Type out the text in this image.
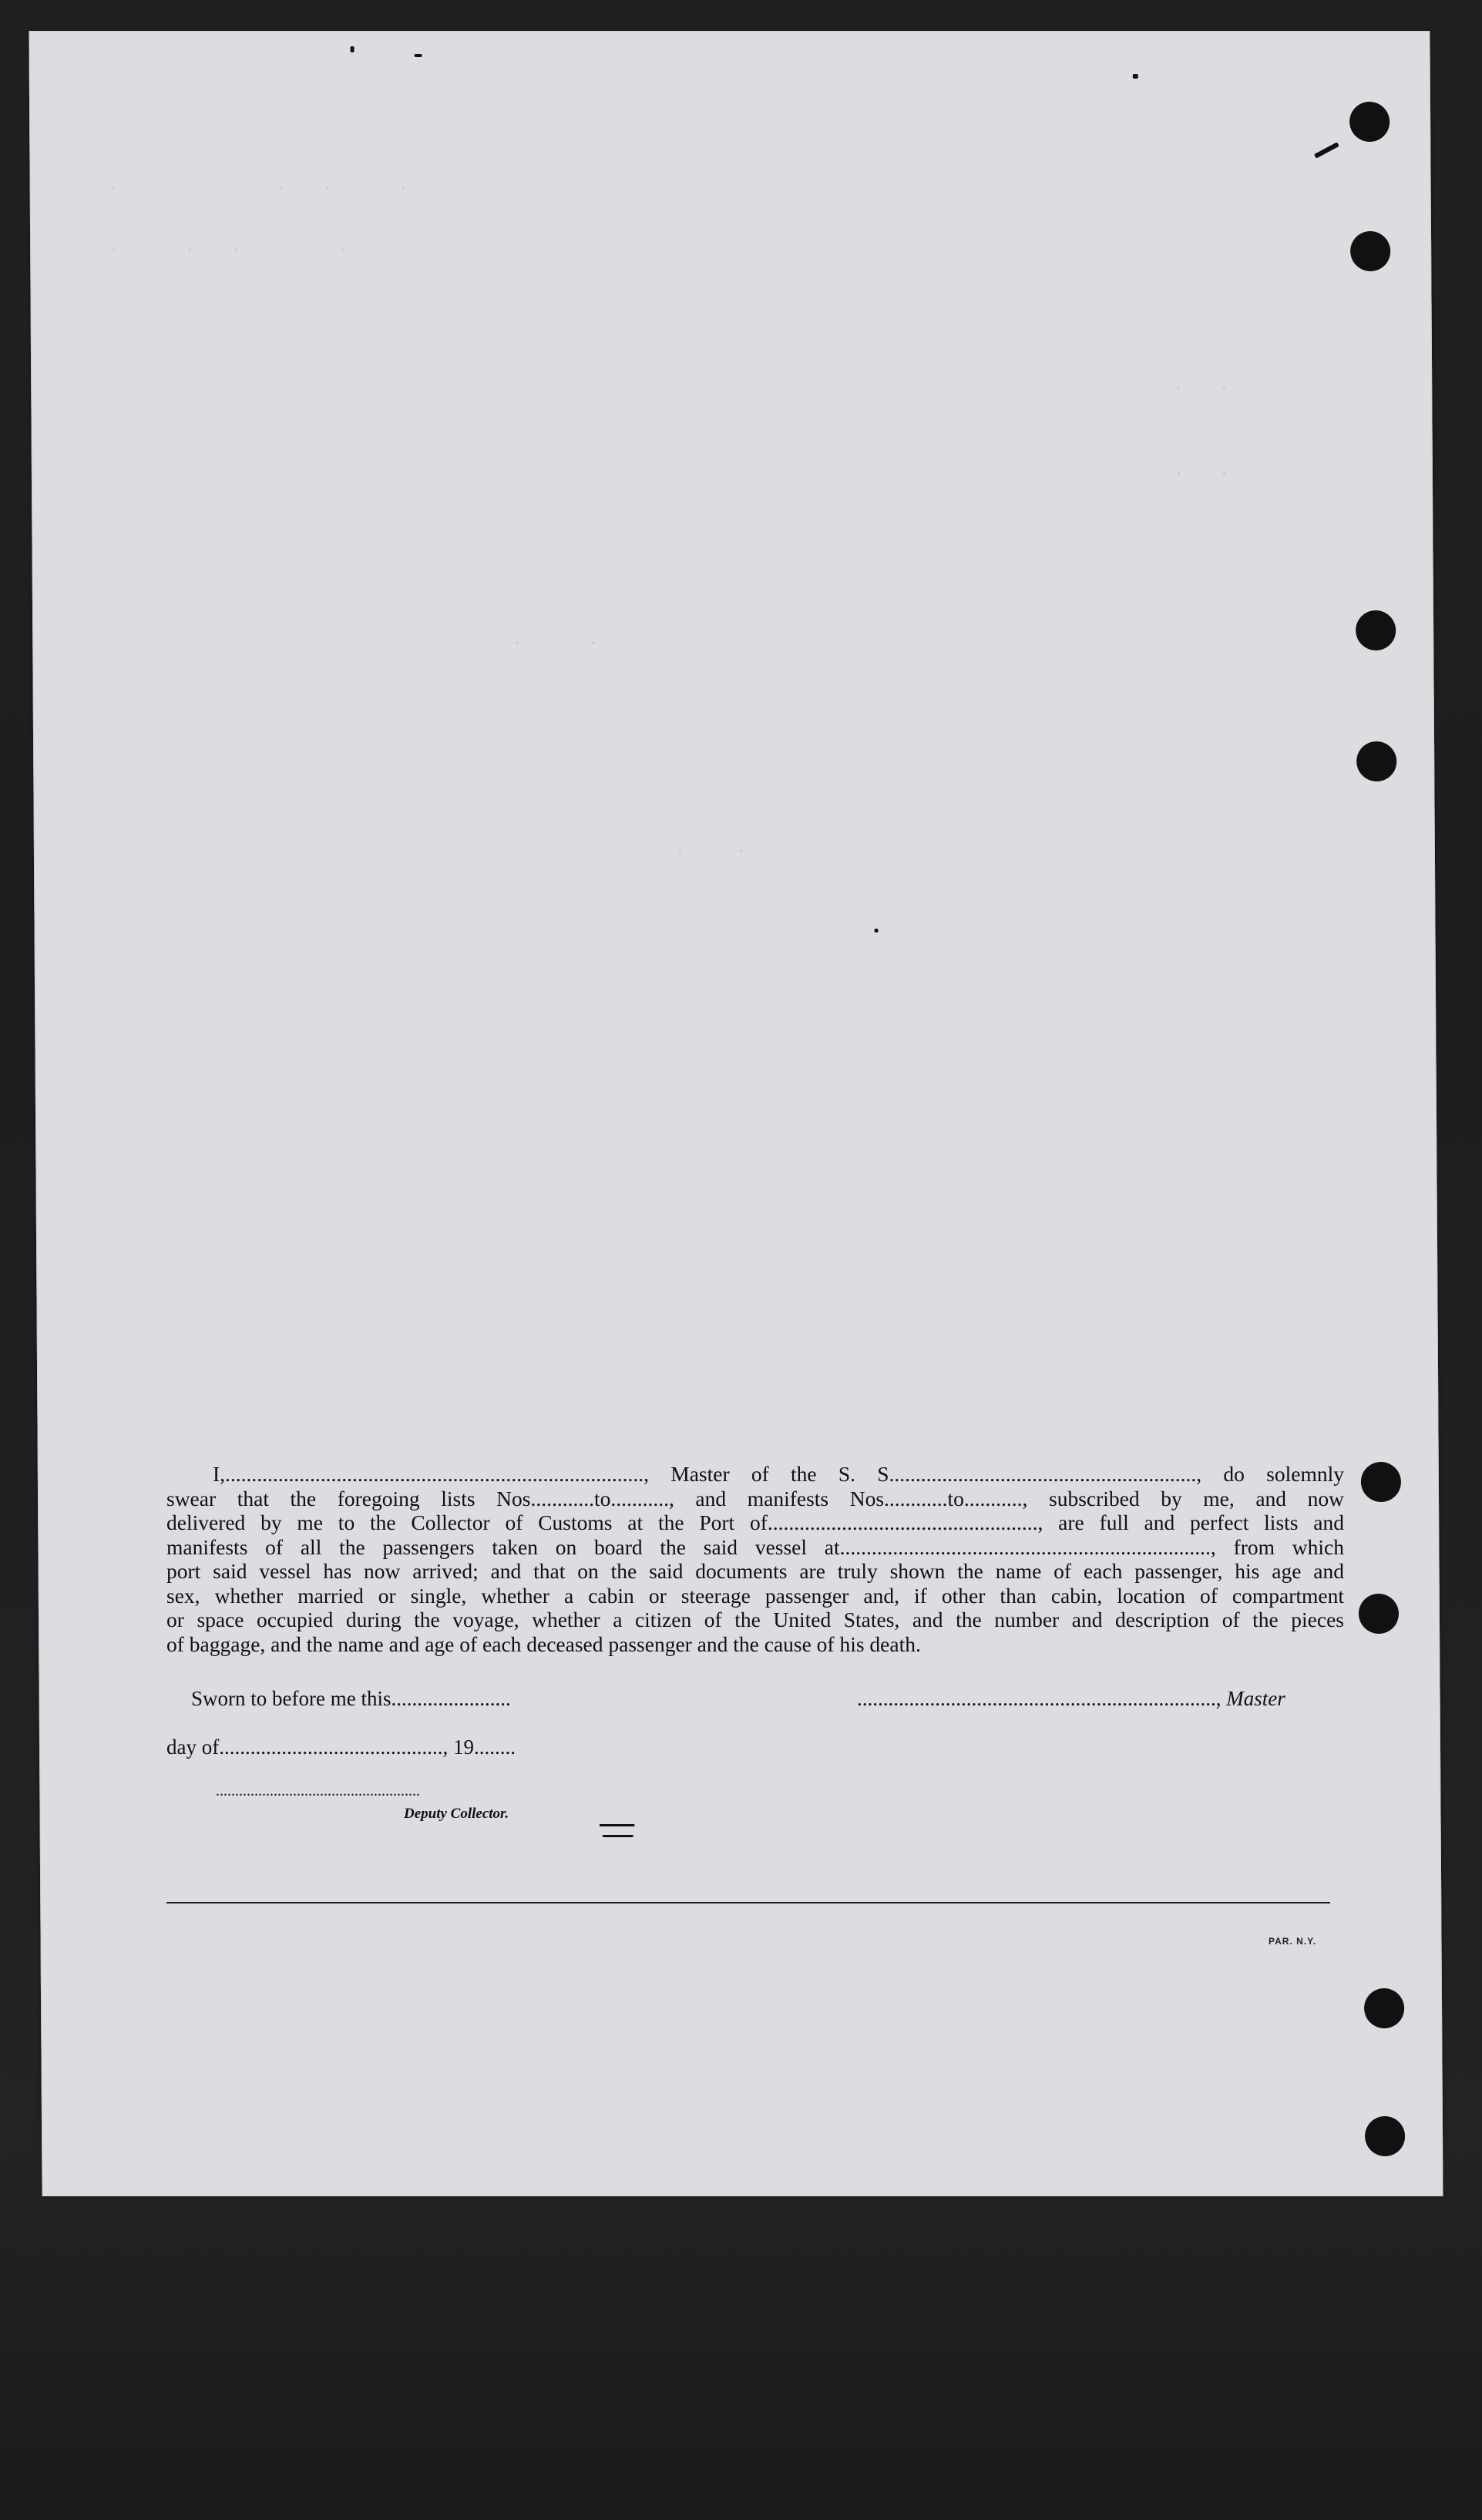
·          ·  ·    ·
·    ·  ·      ·
·  ·
·  ·
·    ·
·   ·

I,..............................................................................., Master of the S. S.........................................................., do solemnly

swear that the foregoing lists Nos............to..........., and manifests Nos............to..........., subscribed by me, and now

delivered by me to the Collector of Customs at the Port of..................................................., are full and perfect lists and

manifests of all the passengers taken on board the said vessel at......................................................................, from which

port said vessel has now arrived; and that on the said documents are truly shown the name of each passenger, his age and

sex, whether married or single, whether a cabin or steerage passenger and, if other than cabin, location of compartment

or space occupied during the voyage, whether a citizen of the United States, and the number and description of the pieces

of baggage, and the name and age of each deceased passenger and the cause of his death.

Sworn to before me this.......................	....................................................................., Master
day of..........................................., 19........
.....................................................
Deputy Collector.
PAR. N.Y.
